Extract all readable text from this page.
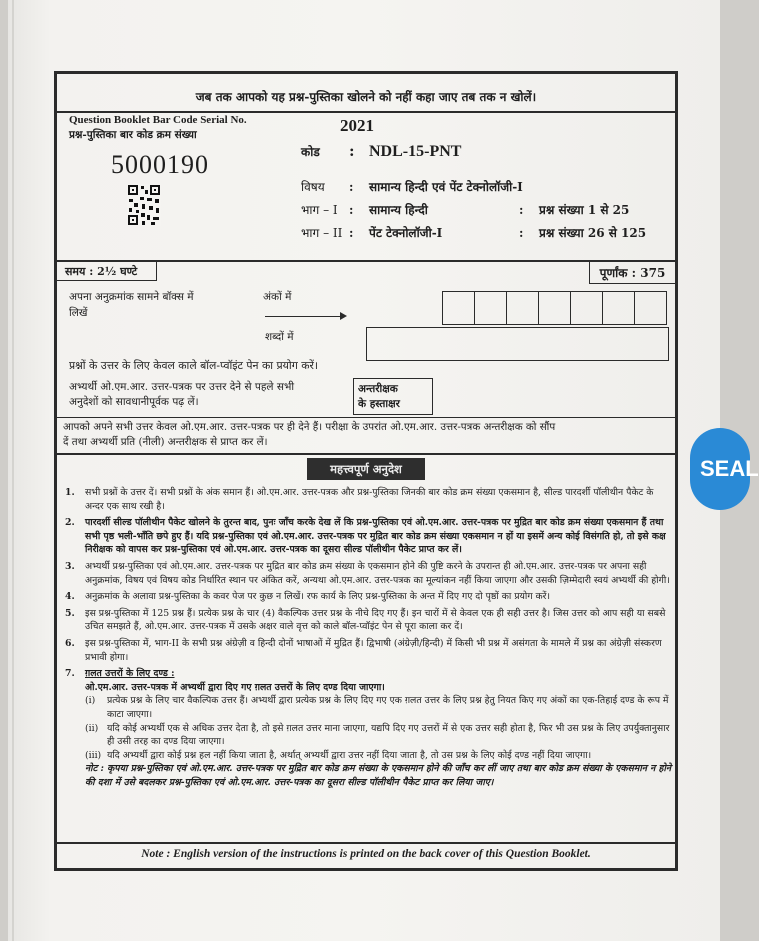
जब तक आपको यह प्रश्न-पुस्तिका खोलने को नहीं कहा जाए तब तक न खोलें।
Question Booklet Bar Code Serial No.
प्रश्न-पुस्तिका बार कोड क्रम संख्या
5000190
2021
कोड : NDL-15-PNT
विषय : सामान्य हिन्दी एवं पेंट टेक्नोलॉजी-I
भाग – I : सामान्य हिन्दी	: प्रश्न संख्या 1 से 25
भाग – II : पेंट टेक्नोलॉजी-I	: प्रश्न संख्या 26 से 125
समय : 2½ घण्टे	पूर्णांक : 375
अपना अनुक्रमांक सामने बॉक्स में
लिखें
अंकों में
शब्दों में
प्रश्नों के उत्तर के लिए केवल काले बॉल-प्वॉइंट पेन का प्रयोग करें।
अभ्यर्थी ओ.एम.आर. उत्तर-पत्रक पर उत्तर देने से पहले सभी
अनुदेशों को सावधानीपूर्वक पढ़ लें।
अन्तरीक्षक
के हस्ताक्षर
आपको अपने सभी उत्तर केवल ओ.एम.आर. उत्तर-पत्रक पर ही देने हैं। परीक्षा के उपरांत ओ.एम.आर. उत्तर-पत्रक अन्तरीक्षक को सौंप
दें तथा अभ्यर्थी प्रति (नीली) अन्तरीक्षक से प्राप्त कर लें।
महत्त्वपूर्ण अनुदेश
1.	सभी प्रश्नों के उत्तर दें। सभी प्रश्नों के अंक समान हैं। ओ.एम.आर. उत्तर-पत्रक और प्रश्न-पुस्तिका जिनकी बार कोड क्रम संख्या एकसमान है, सील्ड पारदर्शी पॉलीथीन पैकेट के अन्दर एक साथ रखी है।
2.	पारदर्शी सील्ड पॉलीथीन पैकेट खोलने के तुरन्त बाद, पुनः जाँच करके देख लें कि प्रश्न-पुस्तिका एवं ओ.एम.आर. उत्तर-पत्रक पर मुद्रित बार कोड क्रम संख्या एकसमान हैं तथा सभी पृष्ठ भली-भाँति छपे हुए हैं। यदि प्रश्न-पुस्तिका एवं ओ.एम.आर. उत्तर-पत्रक पर मुद्रित बार कोड क्रम संख्या एकसमान न हों या इसमें अन्य कोई विसंगति हो, तो इसे कक्ष निरीक्षक को वापस कर प्रश्न-पुस्तिका एवं ओ.एम.आर. उत्तर-पत्रक का दूसरा सील्ड पॉलीथीन पैकेट प्राप्त कर लें।
3.	अभ्यर्थी प्रश्न-पुस्तिका एवं ओ.एम.आर. उत्तर-पत्रक पर मुद्रित बार कोड क्रम संख्या के एकसमान होने की पुष्टि करने के उपरान्त ही ओ.एम.आर. उत्तर-पत्रक पर अपना सही अनुक्रमांक, विषय एवं विषय कोड निर्धारित स्थान पर अंकित करें, अन्यथा ओ.एम.आर. उत्तर-पत्रक का मूल्यांकन नहीं किया जाएगा और उसकी ज़िम्मेदारी स्वयं अभ्यर्थी की होगी।
4.	अनुक्रमांक के अलावा प्रश्न-पुस्तिका के कवर पेज पर कुछ न लिखें। रफ कार्य के लिए प्रश्न-पुस्तिका के अन्त में दिए गए दो पृष्ठों का प्रयोग करें।
5.	इस प्रश्न-पुस्तिका में 125 प्रश्न हैं। प्रत्येक प्रश्न के चार (4) वैकल्पिक उत्तर प्रश्न के नीचे दिए गए हैं। इन चारों में से केवल एक ही सही उत्तर है। जिस उत्तर को आप सही या सबसे उचित समझते हैं, ओ.एम.आर. उत्तर-पत्रक में उसके अक्षर वाले वृत्त को काले बॉल-प्वॉइंट पेन से पूरा काला कर दें।
6.	इस प्रश्न-पुस्तिका में, भाग-II के सभी प्रश्न अंग्रेज़ी व हिन्दी दोनों भाषाओं में मुद्रित हैं। द्विभाषी (अंग्रेज़ी/हिन्दी) में किसी भी प्रश्न में असंगता के मामले में प्रश्न का अंग्रेज़ी संस्करण प्रभावी होगा।
7.	ग़लत उत्तरों के लिए दण्ड :
ओ.एम.आर. उत्तर-पत्रक में अभ्यर्थी द्वारा दिए गए ग़लत उत्तरों के लिए दण्ड दिया जाएगा।
(i)	प्रत्येक प्रश्न के लिए चार वैकल्पिक उत्तर हैं। अभ्यर्थी द्वारा प्रत्येक प्रश्न के लिए दिए गए एक ग़लत उत्तर के लिए प्रश्न हेतु नियत किए गए अंकों का एक-तिहाई दण्ड के रूप में काटा जाएगा।
(ii) यदि कोई अभ्यर्थी एक से अधिक उत्तर देता है, तो इसे ग़लत उत्तर माना जाएगा, यद्यपि दिए गए उत्तरों में से एक उत्तर सही होता है, फिर भी उस प्रश्न के लिए उपर्युक्तानुसार ही उसी तरह का दण्ड दिया जाएगा।
(iii) यदि अभ्यर्थी द्वारा कोई प्रश्न हल नहीं किया जाता है, अर्थात् अभ्यर्थी द्वारा उत्तर नहीं दिया जाता है, तो उस प्रश्न के लिए कोई दण्ड नहीं दिया जाएगा।
नोट : कृपया प्रश्न-पुस्तिका एवं ओ.एम.आर. उत्तर-पत्रक पर मुद्रित बार कोड क्रम संख्या के एकसमान होने की जाँच कर लीं जाए तथा बार कोड क्रम संख्या के एकसमान न होने की दशा में उसे बदलकर प्रश्न-पुस्तिका एवं ओ.एम.आर. उत्तर-पत्रक का दूसरा सील्ड पॉलीथीन पैकेट प्राप्त कर लिया जाए।
Note : English version of the instructions is printed on the back cover of this Question Booklet.
SEAL
